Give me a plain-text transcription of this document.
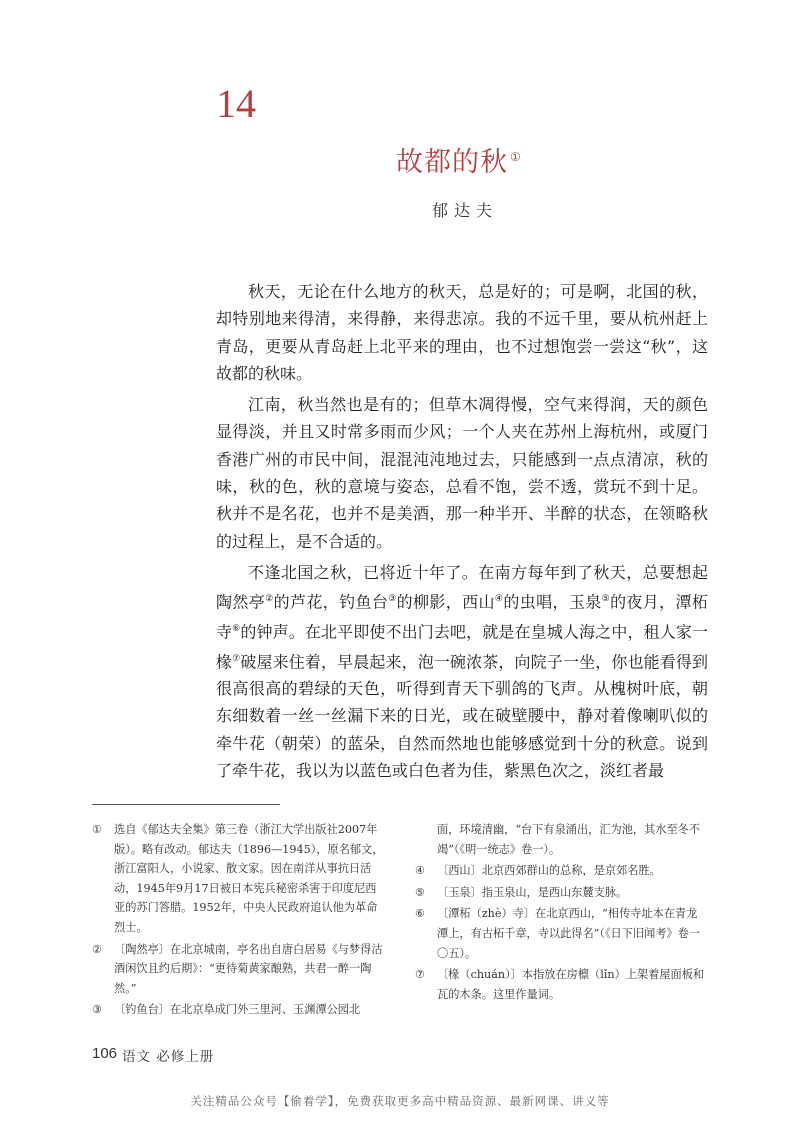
14
故都的秋 ①
郁达夫

秋天，无论在什么地方的秋天，总是好的；可是啊，北国的秋，却特别地来得清，来得静，来得悲凉。我的不远千里，要从杭州赶上青岛，更要从青岛赶上北平来的理由，也不过想饱尝一尝这“秋”，这故都的秋味。

江南，秋当然也是有的；但草木凋得慢，空气来得润，天的颜色显得淡，并且又时常多雨而少风；一个人夹在苏州上海杭州，或厦门香港广州的市民中间，混混沌沌地过去，只能感到一点点清凉，秋的味，秋的色，秋的意境与姿态，总看不饱，尝不透，赏玩不到十足。秋并不是名花，也并不是美酒，那一种半开、半醉的状态，在领略秋的过程上，是不合适的。

不逢北国之秋，已将近十年了。在南方每年到了秋天，总要想起陶然亭②的芦花，钓鱼台③的柳影，西山④的虫唱，玉泉⑤的夜月，潭柘寺⑥的钟声。在北平即使不出门去吧，就是在皇城人海之中，租人家一椽⑦破屋来住着，早晨起来，泡一碗浓茶，向院子一坐，你也能看得到很高很高的碧绿的天色，听得到青天下驯鸽的飞声。从槐树叶底，朝东细数着一丝一丝漏下来的日光，或在破壁腰中，静对着像喇叭似的牵牛花（朝荣）的蓝朵，自然而然地也能够感觉到十分的秋意。说到了牵牛花，我以为以蓝色或白色者为佳，紫黑色次之，淡红者最

①	选自《郁达夫全集》第三卷（浙江大学出版社2007年版）。略有改动。郁达夫（1896—1945），原名郁文，浙江富阳人，小说家、散文家。因在南洋从事抗日活动，1945年9月17日被日本宪兵秘密杀害于印度尼西亚的苏门答腊。1952年，中央人民政府追认他为革命烈士。
②	〔陶然亭〕在北京城南，亭名出自唐白居易《与梦得沽酒闲饮且约后期》：“更待菊黄家酿熟，共君一醉一陶然。”
③	〔钓鱼台〕在北京阜成门外三里河、玉渊潭公园北
面，环境清幽，“台下有泉涌出，汇为池，其水至冬不竭”（《明一统志》卷一）。
④	〔西山〕北京西郊群山的总称，是京郊名胜。
⑤	〔玉泉〕指玉泉山，是西山东麓支脉。
⑥	〔潭柘（zhè）寺〕在北京西山，“相传寺址本在青龙潭上，有古柘千章，寺以此得名”（《日下旧闻考》卷一〇五）。
⑦	〔椽（chuán）〕本指放在房檩（lǐn）上架着屋面板和瓦的木条。这里作量词。
106 语文 必修上册
关注精品公众号【偷着学】，免费获取更多高中精品资源、最新网课、讲义等
